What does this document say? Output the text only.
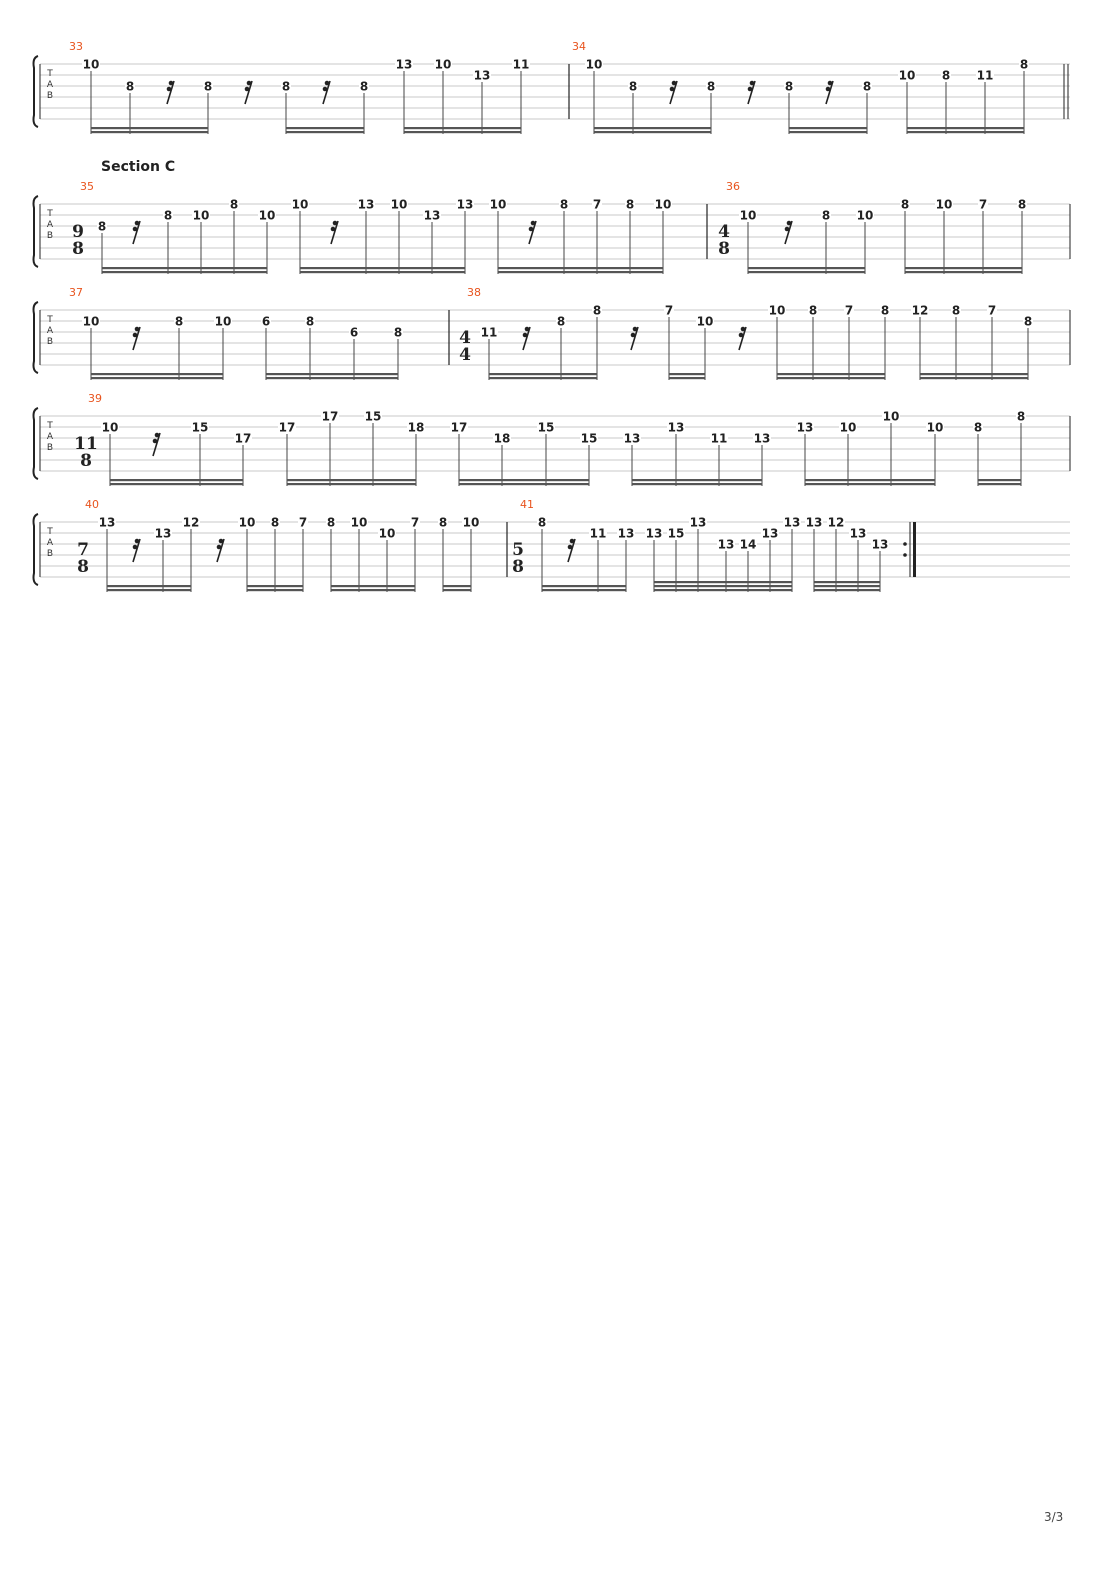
T
A
B
33
10
8	8	8	8
13 10
13
11
34
10
8	8	8	8
10 8 11
8
T
A
B
35
9
8
8
8 10
8
10
10	13 10
13
13 10	8 7 8 10
36
4
8
10	8 10
8 10 7	8
T
A
B
37
10	8	10	6	8
6	8
38
4
4
11
8
8	7
10
10 8 7 8 12 8 7
8
T
A
B
39
11
8
10	15
17
17
17 15
18 17
18
15
15 13
13
11 13
13 10
10
10	8
8
T
A
B
40
7
8
13
13
12	10 8 7 8 10
10
7 8 10
41
5
8
8
11 13 13 15
13
13 14
13
13 13 12
13
13
Section C
3/3
